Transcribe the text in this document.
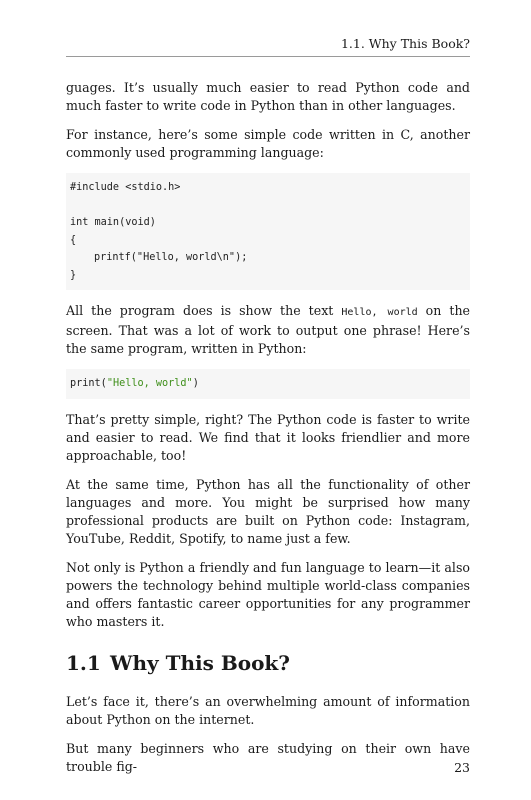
1.1. Why This Book?

guages. It’s usually much easier to read Python code and much faster to write code in Python than in other languages.

For instance, here’s some simple code written in C, another commonly used programming language:

#include <stdio.h>
int main(void)
{
printf("Hello, world\n");
}

All the program does is show the text Hello, world on the screen. That was a lot of work to output one phrase! Here’s the same program, written in Python:

print("Hello, world")

That’s pretty simple, right? The Python code is faster to write and easier to read. We find that it looks friendlier and more approachable, too!

At the same time, Python has all the functionality of other languages and more. You might be surprised how many professional products are built on Python code: Instagram, YouTube, Reddit, Spotify, to name just a few.

Not only is Python a friendly and fun language to learn—it also powers the technology behind multiple world-class companies and offers fantastic career opportunities for any programmer who masters it.

1.1 Why This Book?

Let’s face it, there’s an overwhelming amount of information about Python on the internet.

But many beginners who are studying on their own have trouble fig-	23
